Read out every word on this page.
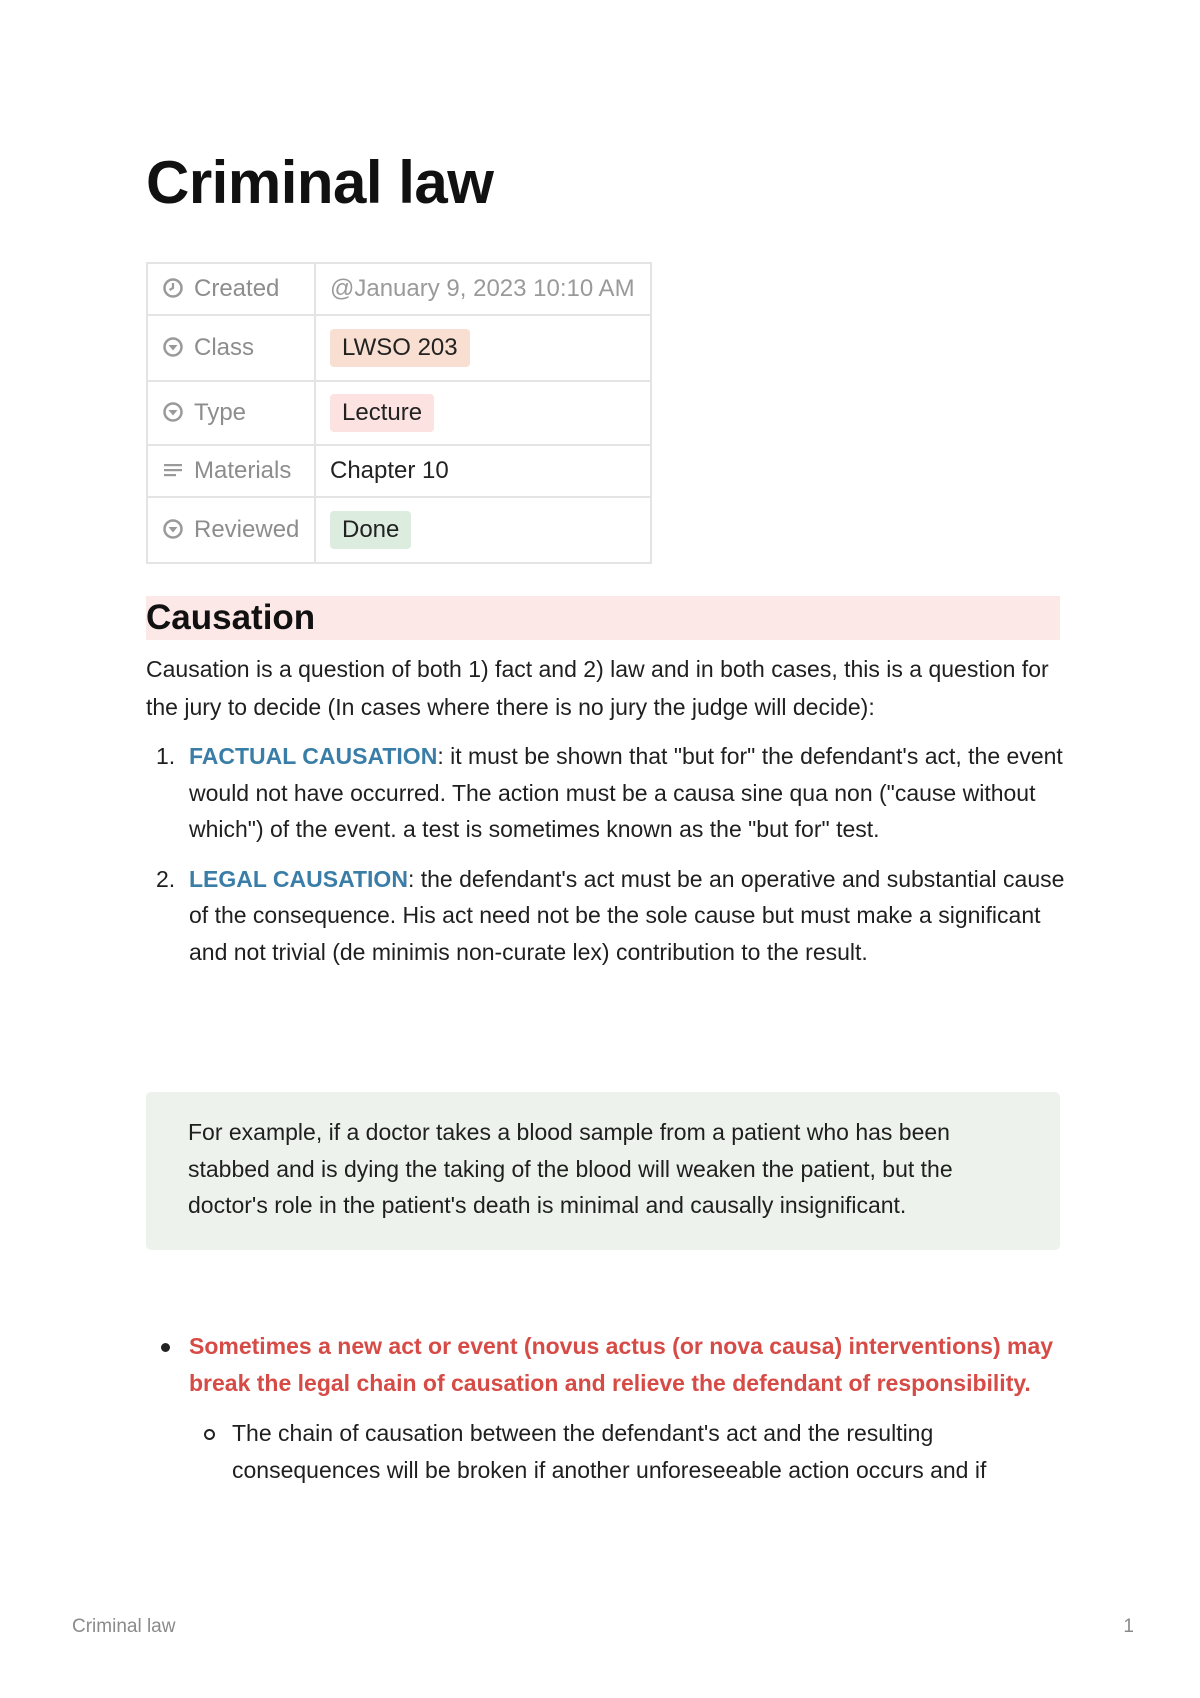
Criminal law
Created	@January 9, 2023 10:10 AM
Class	LWSO 203
Type	Lecture
Materials	Chapter 10
Reviewed	Done
Causation

Causation is a question of both 1) fact and 2) law and in both cases, this is a question for the jury to decide (In cases where there is no jury the judge will decide):

1. FACTUAL CAUSATION: it must be shown that "but for" the defendant's act, the event would not have occurred. The action must be a causa sine qua non ("cause without which") of the event. a test is sometimes known as the "but for" test.
2. LEGAL CAUSATION: the defendant's act must be an operative and substantial cause of the consequence. His act need not be the sole cause but must make a significant and not trivial (de minimis non-curate lex) contribution to the result.

For example, if a doctor takes a blood sample from a patient who has been stabbed and is dying the taking of the blood will weaken the patient, but the doctor's role in the patient's death is minimal and causally insignificant.

Sometimes a new act or event (novus actus (or nova causa) interventions) may break the legal chain of causation and relieve the defendant of responsibility.
The chain of causation between the defendant's act and the resulting consequences will be broken if another unforeseeable action occurs and if
Criminal law	1
